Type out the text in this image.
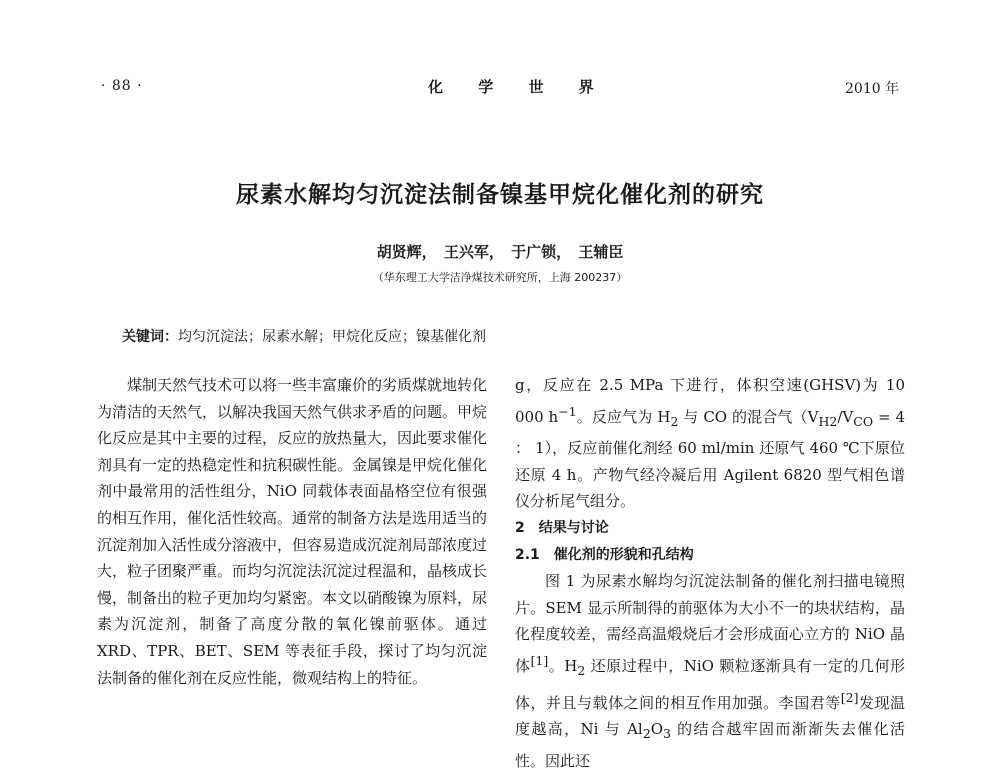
· 88 ·	化 学 世 界	2010 年
尿素水解均匀沉淀法制备镍基甲烷化催化剂的研究
胡贤辉， 王兴军， 于广锁， 王辅臣
（华东理工大学洁净煤技术研究所，上海 200237）
关键词：均匀沉淀法；尿素水解；甲烷化反应；镍基催化剂

煤制天然气技术可以将一些丰富廉价的劣质煤就地转化为清洁的天然气，以解决我国天然气供求矛盾的问题。甲烷化反应是其中主要的过程，反应的放热量大，因此要求催化剂具有一定的热稳定性和抗积碳性能。金属镍是甲烷化催化剂中最常用的活性组分，NiO 同载体表面晶格空位有很强的相互作用，催化活性较高。通常的制备方法是选用适当的沉淀剂加入活性成分溶液中，但容易造成沉淀剂局部浓度过大，粒子团聚严重。而均匀沉淀法沉淀过程温和，晶核成长慢，制备出的粒子更加均匀紧密。本文以硝酸镍为原料，尿素为沉淀剂，制备了高度分散的氧化镍前驱体。通过 XRD、TPR、BET、SEM 等表征手段，探讨了均匀沉淀法制备的催化剂在反应性能，微观结构上的特征。

g，反应在 2.5 MPa 下进行，体积空速(GHSV)为 10 000 $h^{-1}$。反应气为 $H_2$ 与 CO 的混合气（$V_{H2}/V_{CO} = 4$ ： 1），反应前催化剂经 60 ml/min 还原气 460 ℃下原位还原 4 h。产物气经冷凝后用 Agilent 6820 型气相色谱仪分析尾气组分。

2　结果与讨论

2.1　催化剂的形貌和孔结构

图 1 为尿素水解均匀沉淀法制备的催化剂扫描电镜照片。SEM 显示所制得的前驱体为大小不一的块状结构，晶化程度较差，需经高温煅烧后才会形成面心立方的 NiO 晶体[1]。$H_2$ 还原过程中，NiO 颗粒逐渐具有一定的几何形体，并且与载体之间的相互作用加强。李国君等[2]发现温度越高，Ni 与 $Al_2O_3$ 的结合越牢固而渐渐失去催化活性。因此还
